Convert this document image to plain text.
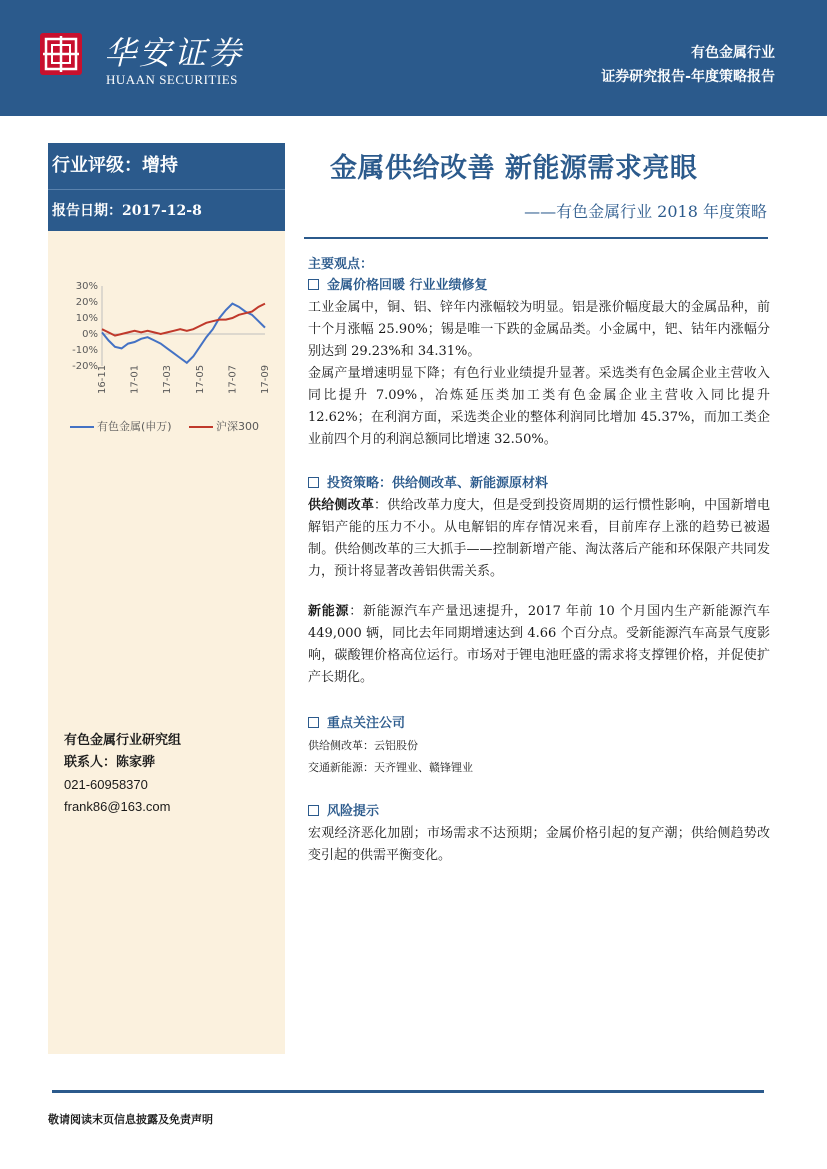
华安证券
HUAAN SECURITIES
有色金属行业
证券研究报告-年度策略报告
行业评级：增持
报告日期：2017-12-8
30%
20%
10%
0%
-10%
-20% 16-11 17-01 17-03 17-05 17-07 17-09
有色金属(申万)	沪深300
有色金属行业研究组
联系人：陈家骅
021-60958370
frank86@163.com
金属供给改善 新能源需求亮眼
——有色金属行业 2018 年度策略

主要观点：

金属价格回暖 行业业绩修复

工业金属中，铜、铝、锌年内涨幅较为明显。铝是涨价幅度最大的金属品种，前十个月涨幅 25.90%；锡是唯一下跌的金属品类。小金属中，钯、钴年内涨幅分别达到 29.23%和 34.31%。

金属产量增速明显下降；有色行业业绩提升显著。采选类有色金属企业主营收入同比提升 7.09%，冶炼延压类加工类有色金属企业主营收入同比提升 12.62%；在利润方面，采选类企业的整体利润同比增加 45.37%，而加工类企业前四个月的利润总额同比增速 32.50%。

投资策略：供给侧改革、新能源原材料

供给侧改革：供给改革力度大，但是受到投资周期的运行惯性影响，中国新增电解铝产能的压力不小。从电解铝的库存情况来看，目前库存上涨的趋势已被遏制。供给侧改革的三大抓手——控制新增产能、淘汰落后产能和环保限产共同发力，预计将显著改善铝供需关系。

新能源：新能源汽车产量迅速提升，2017 年前 10 个月国内生产新能源汽车 449,000 辆，同比去年同期增速达到 4.66 个百分点。受新能源汽车高景气度影响，碳酸锂价格高位运行。市场对于锂电池旺盛的需求将支撑锂价格，并促使扩产长期化。

重点关注公司

供给侧改革：云铝股份

交通新能源：天齐锂业、赣锋锂业

风险提示

宏观经济恶化加剧；市场需求不达预期；金属价格引起的复产潮；供给侧趋势改变引起的供需平衡变化。

敬请阅读末页信息披露及免责声明
